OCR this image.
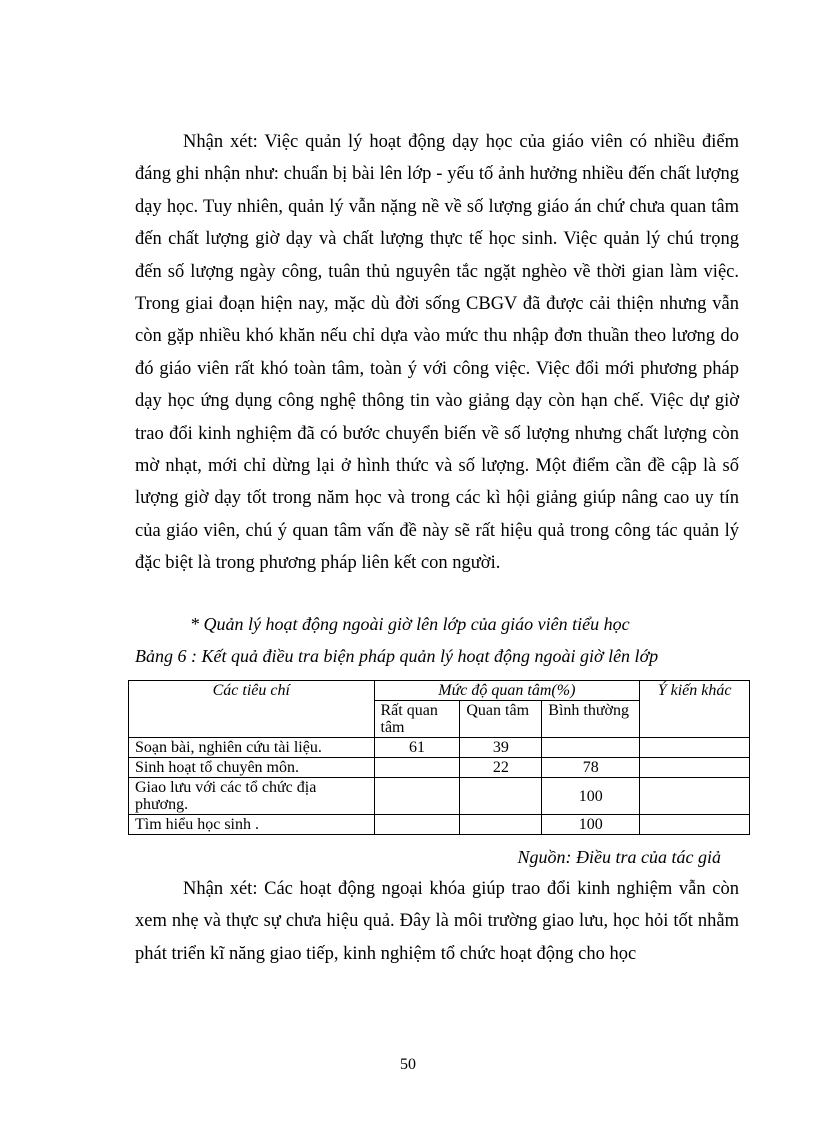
Nhận xét: Việc quản lý hoạt động dạy học của giáo viên có nhiều điểm đáng ghi nhận như: chuẩn bị bài lên lớp - yếu tố ảnh hưởng nhiều đến chất lượng dạy học. Tuy nhiên, quản lý vẫn nặng nề về số lượng giáo án chứ chưa quan tâm đến chất lượng giờ dạy và chất lượng thực tế học sinh. Việc quản lý chú trọng đến số lượng ngày công, tuân thủ nguyên tắc ngặt nghèo về thời gian làm việc. Trong giai đoạn hiện nay, mặc dù đời sống CBGV đã được cải thiện nhưng vẫn còn gặp nhiều khó khăn nếu chỉ dựa vào mức thu nhập đơn thuần theo lương do đó giáo viên rất khó toàn tâm, toàn ý với công việc. Việc đổi mới phương pháp dạy học ứng dụng công nghệ thông tin vào giảng dạy còn hạn chế. Việc dự giờ trao đổi kinh nghiệm đã có bước chuyển biến về số lượng nhưng chất lượng còn mờ nhạt, mới chỉ dừng lại ở hình thức và số lượng. Một điểm cần đề cập là số lượng giờ dạy tốt trong năm học và trong các kì hội giảng giúp nâng cao uy tín của giáo viên, chú ý quan tâm vấn đề này sẽ rất hiệu quả trong công tác quản lý đặc biệt là trong phương pháp liên kết con người.

* Quản lý hoạt động ngoài giờ lên lớp của giáo viên tiểu học

Bảng 6 : Kết quả điều tra biện pháp quản lý hoạt động ngoài giờ lên lớp

Các tiêu chí	Mức độ quan tâm(%)			Ý kiến khác
	Rất quan tâm	Quan tâm	Bình thường	
Soạn bài, nghiên cứu tài liệu.	61	39		
Sinh hoạt tổ chuyên môn.		22	78	
Giao lưu với các tổ chức địa phương.			100	
Tìm hiểu học sinh .			100	

Nguồn: Điều tra của tác giả

Nhận xét: Các hoạt động ngoại khóa giúp trao đổi kinh nghiệm vẫn còn xem nhẹ và thực sự chưa hiệu quả. Đây là môi trường giao lưu, học hỏi tốt nhằm phát triển kĩ năng giao tiếp, kinh nghiệm tổ chức hoạt động cho học

50
